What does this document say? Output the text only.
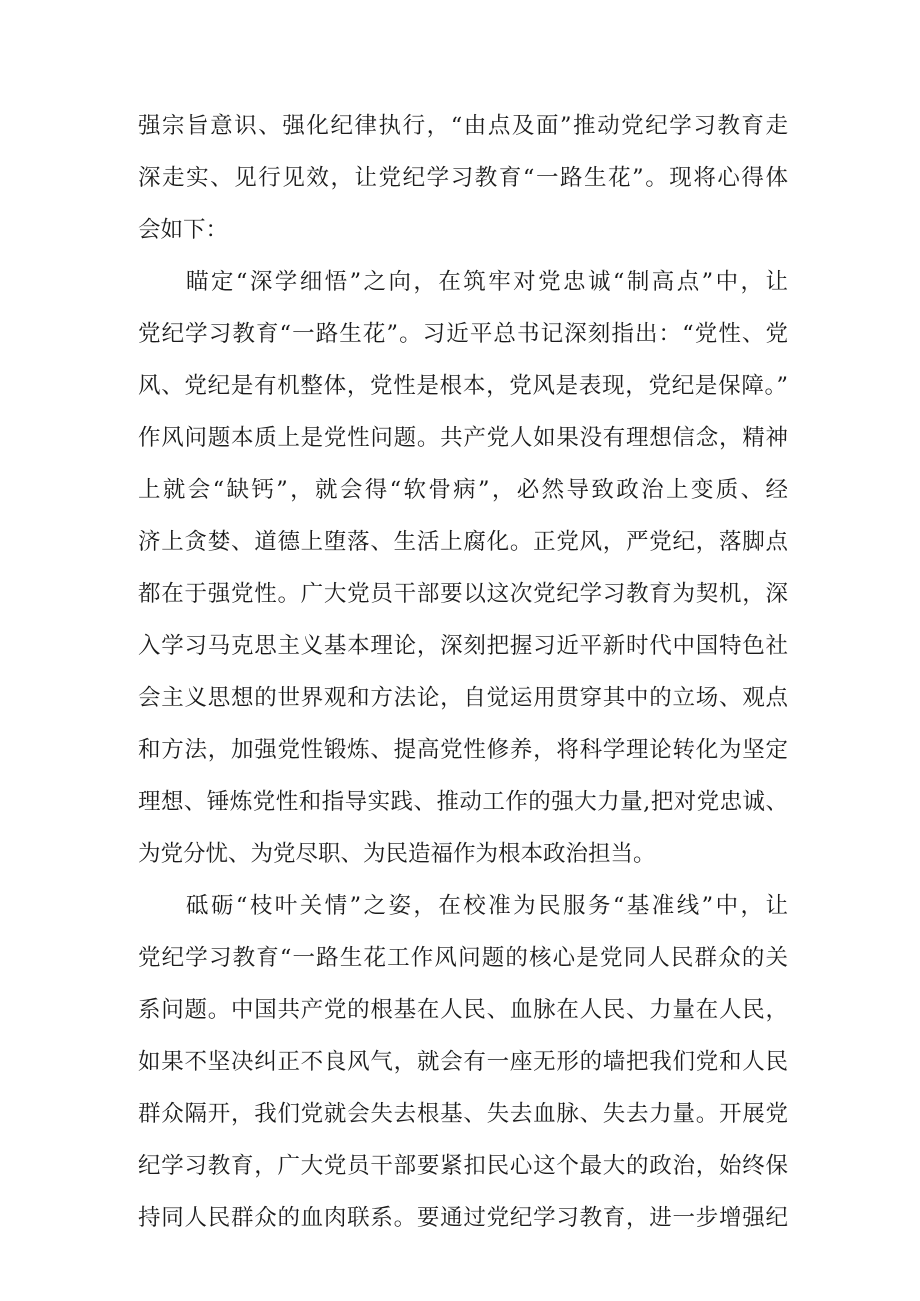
强宗旨意识、强化纪律执行，“由点及面”推动党纪学习教育走
深走实、见行见效，让党纪学习教育“一路生花”。现将心得体
会如下：
瞄定“深学细悟”之向，在筑牢对党忠诚“制高点”中，让
党纪学习教育“一路生花”。习近平总书记深刻指出：“党性、党
风、党纪是有机整体，党性是根本，党风是表现，党纪是保障。”
作风问题本质上是党性问题。共产党人如果没有理想信念，精神
上就会“缺钙”，就会得“软骨病”，必然导致政治上变质、经
济上贪婪、道德上堕落、生活上腐化。正党风，严党纪，落脚点
都在于强党性。广大党员干部要以这次党纪学习教育为契机，深
入学习马克思主义基本理论，深刻把握习近平新时代中国特色社
会主义思想的世界观和方法论，自觉运用贯穿其中的立场、观点
和方法，加强党性锻炼、提高党性修养，将科学理论转化为坚定
理想、锤炼党性和指导实践、推动工作的强大力量,把对党忠诚、
为党分忧、为党尽职、为民造福作为根本政治担当。
砥砺“枝叶关情”之姿，在校准为民服务“基准线”中，让
党纪学习教育“一路生花工作风问题的核心是党同人民群众的关
系问题。中国共产党的根基在人民、血脉在人民、力量在人民，
如果不坚决纠正不良风气，就会有一座无形的墙把我们党和人民
群众隔开，我们党就会失去根基、失去血脉、失去力量。开展党
纪学习教育，广大党员干部要紧扣民心这个最大的政治，始终保
持同人民群众的血肉联系。要通过党纪学习教育，进一步增强纪
